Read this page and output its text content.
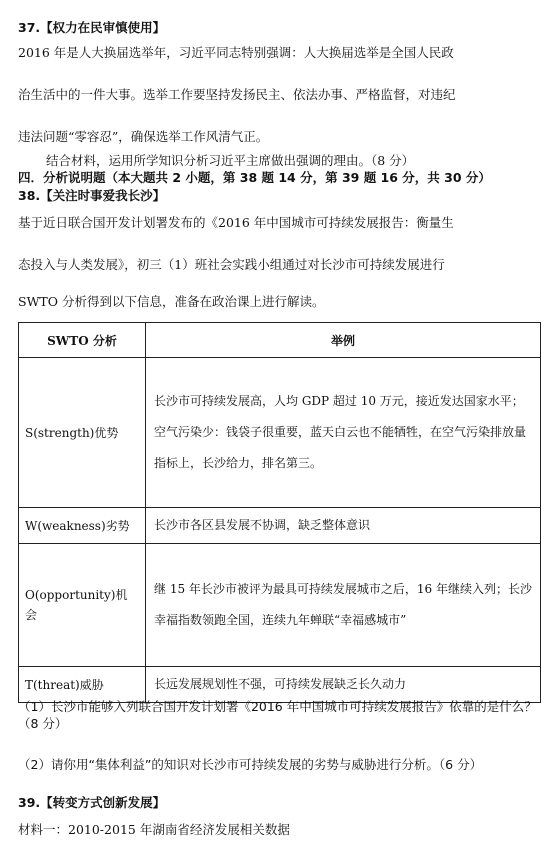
37.【权力在民审慎使用】
2016 年是人大换届选举年，习近平同志特别强调：人大换届选举是全国人民政
治生活中的一件大事。选举工作要坚持发扬民主、依法办事、严格监督，对违纪
违法问题“零容忍”，确保选举工作风清气正。
结合材料，运用所学知识分析习近平主席做出强调的理由。（8 分）
四．分析说明题（本大题共 2 小题，第 38 题 14 分，第 39 题 16 分，共 30 分）
38.【关注时事爱我长沙】
基于近日联合国开发计划署发布的《2016 年中国城市可持续发展报告：衡量生
态投入与人类发展》，初三（1）班社会实践小组通过对长沙市可持续发展进行
SWTO 分析得到以下信息，准备在政治课上进行解读。
SWTO 分析	举例
S(strength)优势	长沙市可持续发展高，人均 GDP 超过 10 万元，接近发达国家水平；空气污染少：钱袋子很重要，蓝天白云也不能牺牲，在空气污染排放量指标上，长沙给力，排名第三。
W(weakness)劣势	长沙市各区县发展不协调，缺乏整体意识
O(opportunity)机会	继 15 年长沙市被评为最具可持续发展城市之后，16 年继续入列；长沙幸福指数领跑全国，连续九年蝉联“幸福感城市”
T(threat)威胁	长远发展规划性不强，可持续发展缺乏长久动力
（1）长沙市能够入列联合国开发计划署《2016 年中国城市可持续发展报告》依靠的是什么？（8 分）
（2）请你用“集体利益”的知识对长沙市可持续发展的劣势与威胁进行分析。（6 分）
39.【转变方式创新发展】
材料一：2010-2015 年湖南省经济发展相关数据
